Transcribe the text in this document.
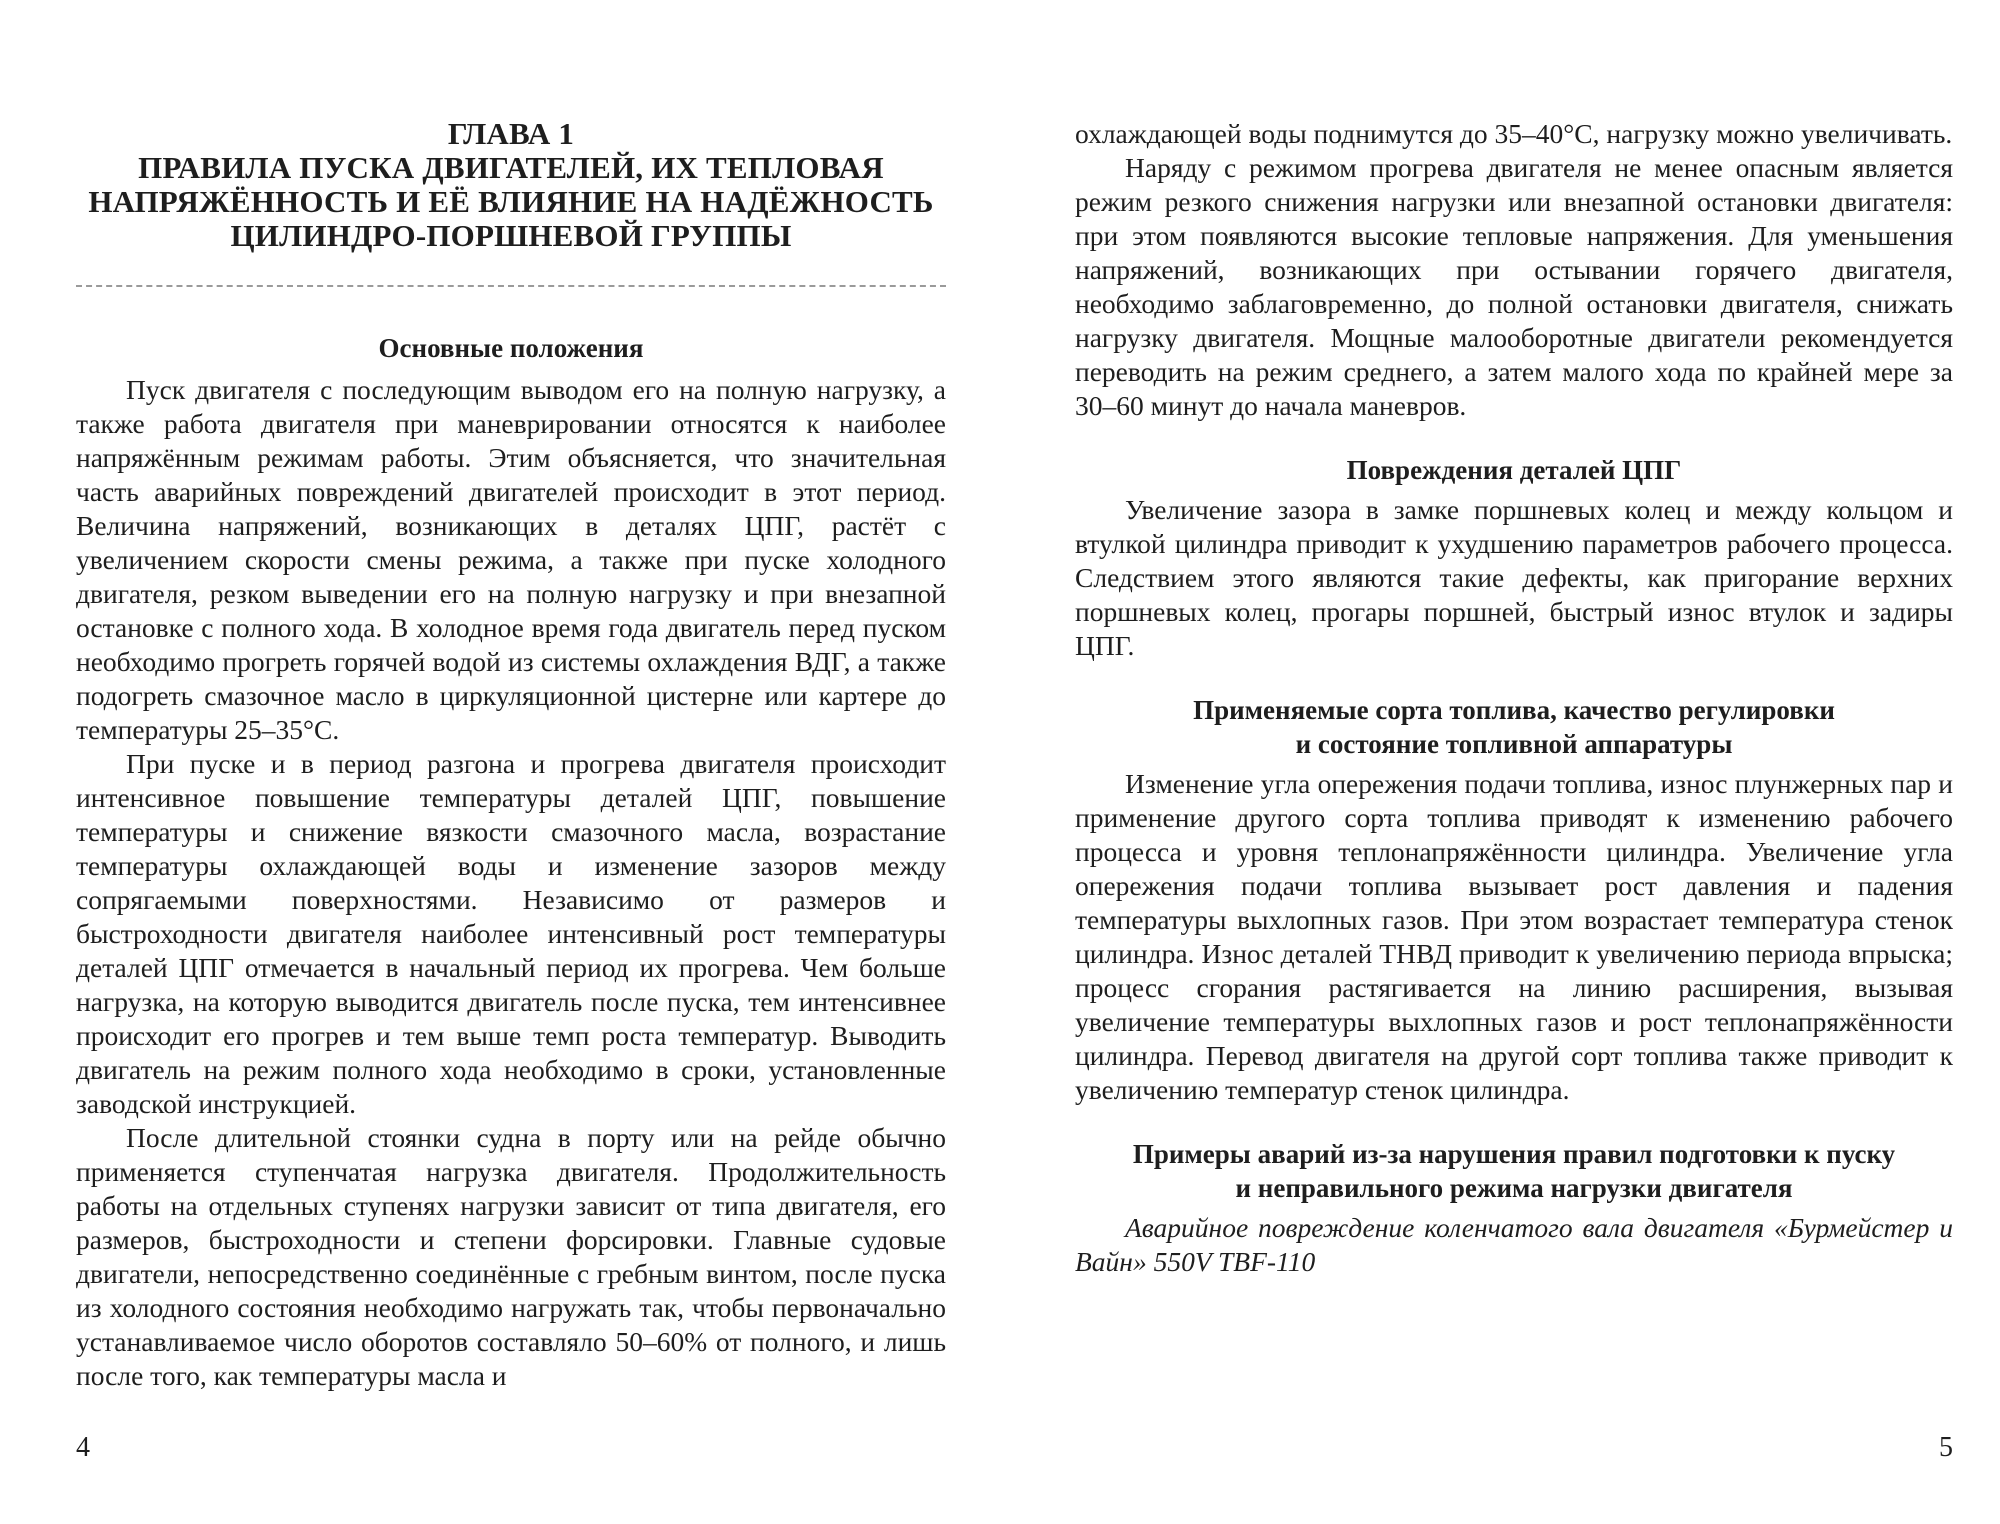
ГЛАВА 1
ПРАВИЛА ПУСКА ДВИГАТЕЛЕЙ, ИХ ТЕПЛОВАЯ
НАПРЯЖЁННОСТЬ И ЕЁ ВЛИЯНИЕ НА НАДЁЖНОСТЬ
ЦИЛИНДРО-ПОРШНЕВОЙ ГРУППЫ
Основные положения

Пуск двигателя с последующим выводом его на полную нагрузку, а также работа двигателя при маневрировании относятся к наиболее напряжённым режимам работы. Этим объясняется, что значительная часть аварийных повреждений двигателей происходит в этот период. Величина напряжений, возникающих в деталях ЦПГ, растёт с увеличением скорости смены режима, а также при пуске холодного двигателя, резком выведении его на полную нагрузку и при внезапной остановке с полного хода. В холодное время года двигатель перед пуском необходимо прогреть горячей водой из системы охлаждения ВДГ, а также подогреть смазочное масло в циркуляционной цистерне или картере до температуры 25–35°С.

При пуске и в период разгона и прогрева двигателя происходит интенсивное повышение температуры деталей ЦПГ, повышение температуры и снижение вязкости смазочного масла, возрастание температуры охлаждающей воды и изменение зазоров между сопрягаемыми поверхностями. Независимо от размеров и быстроходности двигателя наиболее интенсивный рост температуры деталей ЦПГ отмечается в начальный период их прогрева. Чем больше нагрузка, на которую выводится двигатель после пуска, тем интенсивнее происходит его прогрев и тем выше темп роста температур. Выводить двигатель на режим полного хода необходимо в сроки, установленные заводской инструкцией.

После длительной стоянки судна в порту или на рейде обычно применяется ступенчатая нагрузка двигателя. Продолжительность работы на отдельных ступенях нагрузки зависит от типа двигателя, его размеров, быстроходности и степени форсировки. Главные судовые двигатели, непосредственно соединённые с гребным винтом, после пуска из холодного состояния необходимо нагружать так, чтобы первоначально устанавливаемое число оборотов составляло 50–60% от полного, и лишь после того, как температуры масла и

4

охлаждающей воды поднимутся до 35–40°С, нагрузку можно увеличивать.

Наряду с режимом прогрева двигателя не менее опасным является режим резкого снижения нагрузки или внезапной остановки двигателя: при этом появляются высокие тепловые напряжения. Для уменьшения напряжений, возникающих при остывании горячего двигателя, необходимо заблаговременно, до полной остановки двигателя, снижать нагрузку двигателя. Мощные малооборотные двигатели рекомендуется переводить на режим среднего, а затем малого хода по крайней мере за 30–60 минут до начала маневров.

Повреждения деталей ЦПГ

Увеличение зазора в замке поршневых колец и между кольцом и втулкой цилиндра приводит к ухудшению параметров рабочего процесса. Следствием этого являются такие дефекты, как пригорание верхних поршневых колец, прогары поршней, быстрый износ втулок и задиры ЦПГ.

Применяемые сорта топлива, качество регулировки
и состояние топливной аппаратуры

Изменение угла опережения подачи топлива, износ плунжерных пар и применение другого сорта топлива приводят к изменению рабочего процесса и уровня теплонапряжённости цилиндра. Увеличение угла опережения подачи топлива вызывает рост давления и падения температуры выхлопных газов. При этом возрастает температура стенок цилиндра. Износ деталей ТНВД приводит к увеличению периода впрыска; процесс сгорания растягивается на линию расширения, вызывая увеличение температуры выхлопных газов и рост теплонапряжённости цилиндра. Перевод двигателя на другой сорт топлива также приводит к увеличению температур стенок цилиндра.

Примеры аварий из-за нарушения правил подготовки к пуску
и неправильного режима нагрузки двигателя

Аварийное повреждение коленчатого вала двигателя «Бурмейстер и Вайн» 550V TBF-110

5
